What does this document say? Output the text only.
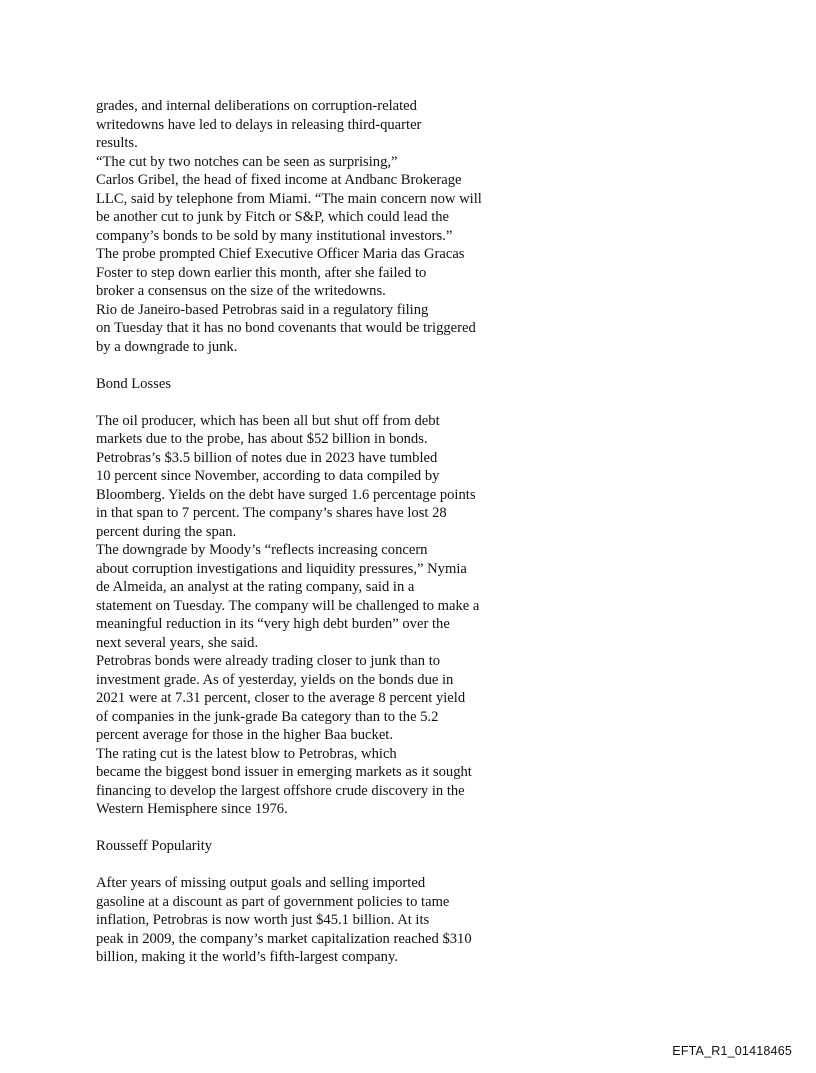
grades, and internal deliberations on corruption-related
writedowns have led to delays in releasing third-quarter
results.
“The cut by two notches can be seen as surprising,”
Carlos Gribel, the head of fixed income at Andbanc Brokerage
LLC, said by telephone from Miami. “The main concern now will
be another cut to junk by Fitch or S&P, which could lead the
company’s bonds to be sold by many institutional investors.”
The probe prompted Chief Executive Officer Maria das Gracas
Foster to step down earlier this month, after she failed to
broker a consensus on the size of the writedowns.
Rio de Janeiro-based Petrobras said in a regulatory filing
on Tuesday that it has no bond covenants that would be triggered
by a downgrade to junk.
Bond Losses
The oil producer, which has been all but shut off from debt
markets due to the probe, has about $52 billion in bonds.
Petrobras’s $3.5 billion of notes due in 2023 have tumbled
10 percent since November, according to data compiled by
Bloomberg. Yields on the debt have surged 1.6 percentage points
in that span to 7 percent. The company’s shares have lost 28
percent during the span.
The downgrade by Moody’s “reflects increasing concern
about corruption investigations and liquidity pressures,” Nymia
de Almeida, an analyst at the rating company, said in a
statement on Tuesday. The company will be challenged to make a
meaningful reduction in its “very high debt burden” over the
next several years, she said.
Petrobras bonds were already trading closer to junk than to
investment grade. As of yesterday, yields on the bonds due in
2021 were at 7.31 percent, closer to the average 8 percent yield
of companies in the junk-grade Ba category than to the 5.2
percent average for those in the higher Baa bucket.
The rating cut is the latest blow to Petrobras, which
became the biggest bond issuer in emerging markets as it sought
financing to develop the largest offshore crude discovery in the
Western Hemisphere since 1976.
Rousseff Popularity
After years of missing output goals and selling imported
gasoline at a discount as part of government policies to tame
inflation, Petrobras is now worth just $45.1 billion. At its
peak in 2009, the company’s market capitalization reached $310
billion, making it the world’s fifth-largest company.
EFTA_R1_01418465
